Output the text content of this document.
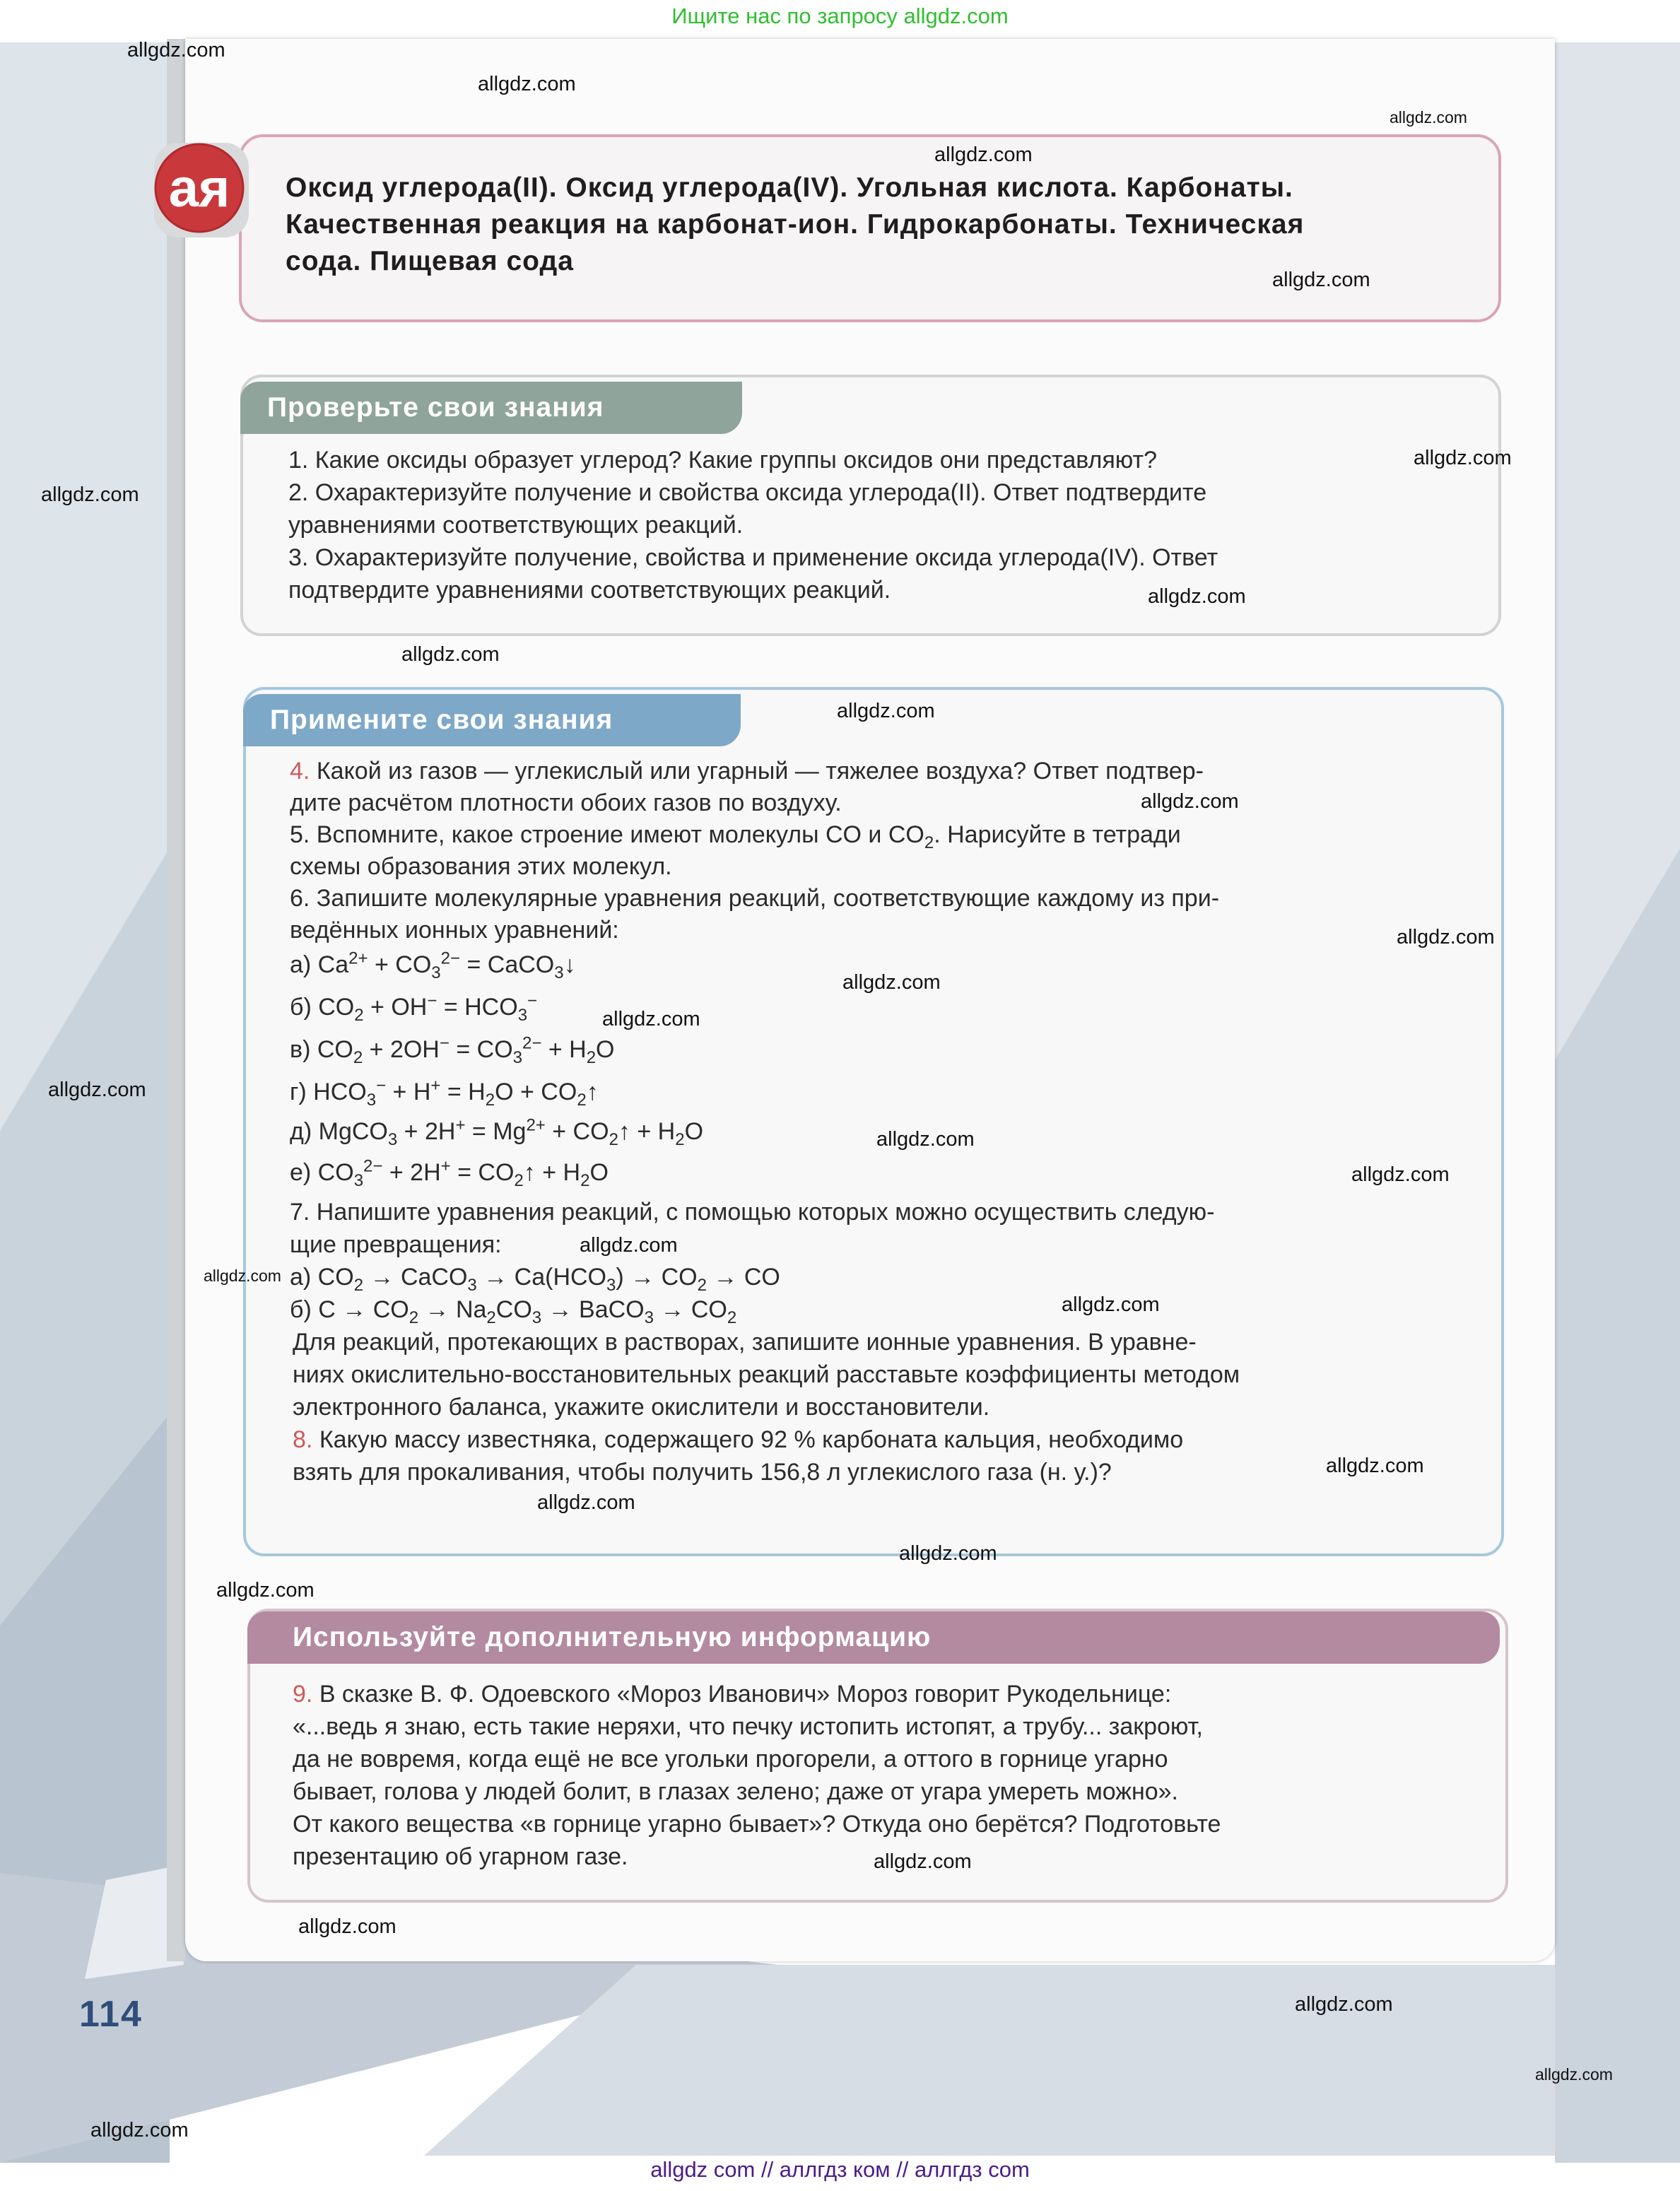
Ищите нас по запросу allgdz.com
allgdz com // аллгдз ком // аллгдз com
ая Оксид углерода(II). Оксид углерода(IV). Угольная кислота. Карбонаты.
Качественная реакция на карбонат-ион. Гидрокарбонаты. Техническая
сода. Пищевая сода
Проверьте свои знания
1. Какие оксиды образует углерод? Какие группы оксидов они представляют?
2. Охарактеризуйте получение и свойства оксида углерода(II). Ответ подтвердите
уравнениями соответствующих реакций.
3. Охарактеризуйте получение, свойства и применение оксида углерода(IV). Ответ
подтвердите уравнениями соответствующих реакций.
Примените свои знания
4. Какой из газов — углекислый или угарный — тяжелее воздуха? Ответ подтвер-
дите расчётом плотности обоих газов по воздуху.
5. Вспомните, какое строение имеют молекулы CO и $CO_2$. Нарисуйте в тетради
схемы образования этих молекул.
6. Запишите молекулярные уравнения реакций, соответствующие каждому из при-
ведённых ионных уравнений:
а) $Ca^{2+} + CO_3^{2-}$ = CaCO$_3$↓
б) $CO_2 + OH^- = HCO_3^-$
в) $CO_2 + 2OH^- = CO_3^{2-} + H_2O$
г) $HCO_3^- + H^+ = H_2O$ + $CO_2↑$
д) MgCO$_3$ + $2H^+ = Mg^{2+}$ + $CO_2↑ + H_2O$
е) $CO_3^{2-} + 2H^+$ = $CO_2↑ + H_2O$
7. Напишите уравнения реакций, с помощью которых можно осуществить следую-
щие превращения:
а) $CO_2$ → CaCO$_3$ → $Ca(HCO_3) \to CO_2$ → CO
б) $C \to CO_2 \to Na_2CO_3$ → BaCO$_3$ → $CO_2$
Для реакций, протекающих в растворах, запишите ионные уравнения. В уравне-
ниях окислительно-восстановительных реакций расставьте коэффициенты методом
электронного баланса, укажите окислители и восстановители.
8. Какую массу известняка, содержащего 92 % карбоната кальция, необходимо
взять для прокаливания, чтобы получить 156,8 л углекислого газа (н. у.)?
Используйте дополнительную информацию
9. В сказке В. Ф. Одоевского «Мороз Иванович» Мороз говорит Рукодельнице:
«...ведь я знаю, есть такие неряхи, что печку истопить истопят, а трубу... закроют,
да не вовремя, когда ещё не все угольки прогорели, а оттого в горнице угарно
бывает, голова у людей болит, в глазах зелено; даже от угара умереть можно».
От какого вещества «в горнице угарно бывает»? Откуда оно берётся? Подготовьте
презентацию об угарном газе.
114
allgdz.com
allgdz.com
allgdz.com
allgdz.com
allgdz.com
allgdz.com
allgdz.com
allgdz.com
allgdz.com
allgdz.com
allgdz.com
allgdz.com
allgdz.com
allgdz.com
allgdz.com
allgdz.com
allgdz.com
allgdz.com
allgdz.com
allgdz.com
allgdz.com
allgdz.com
allgdz.com
allgdz.com
allgdz.com
allgdz.com
allgdz.com
allgdz.com
allgdz.com
